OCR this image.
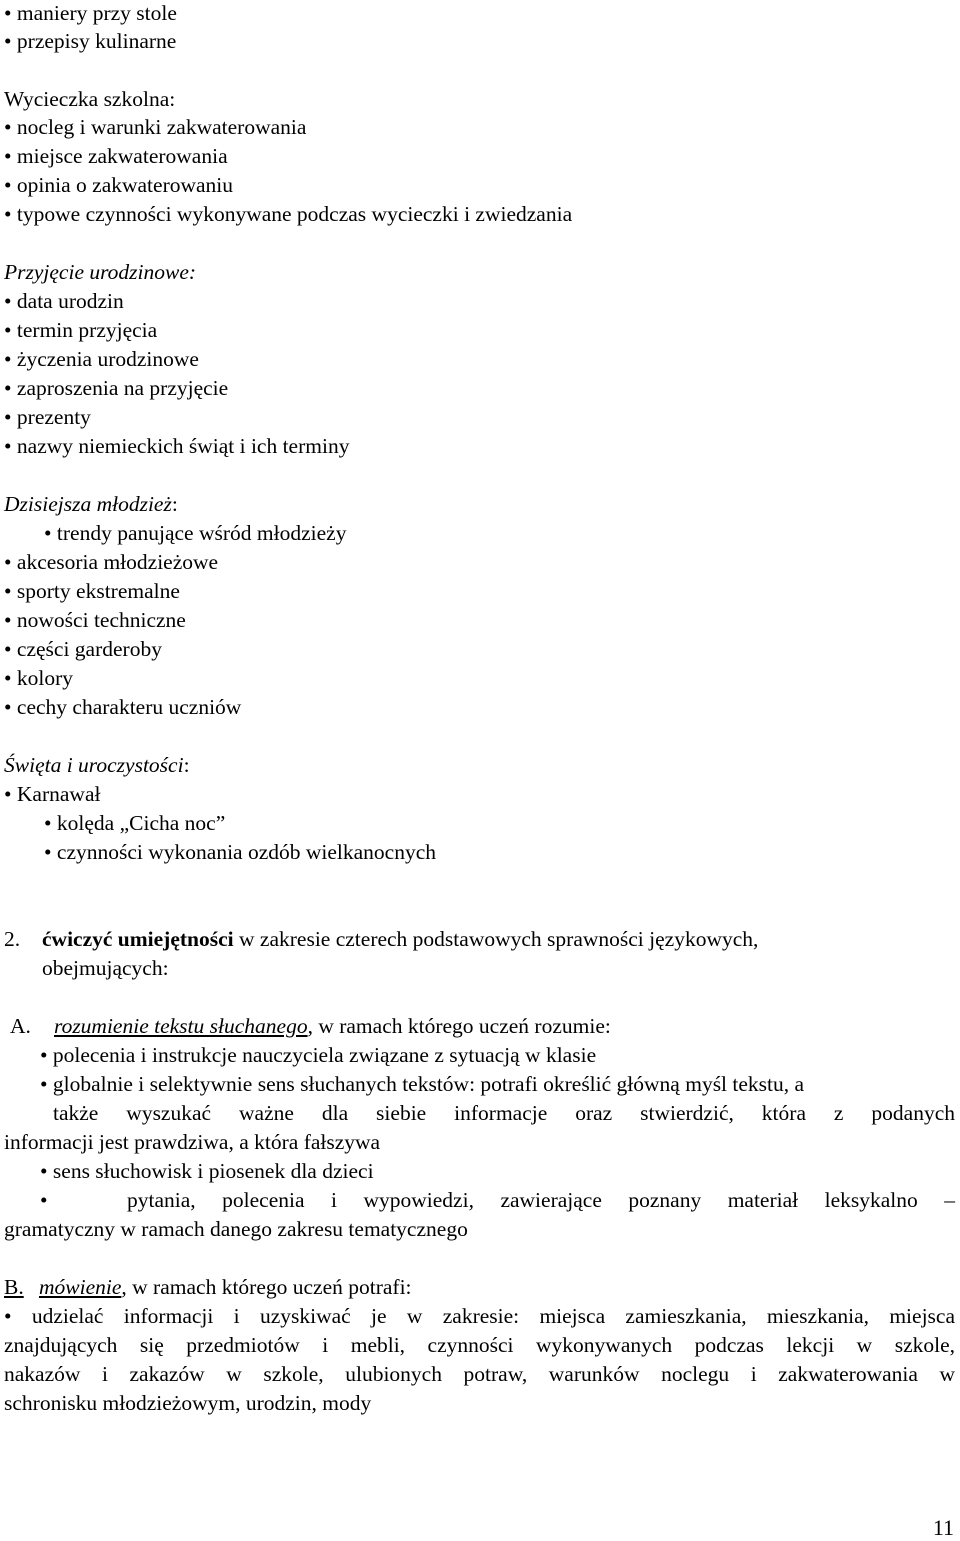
• maniery przy stole
• przepisy kulinarne
Wycieczka szkolna:
• nocleg i warunki zakwaterowania
• miejsce zakwaterowania
• opinia o zakwaterowaniu
• typowe czynności wykonywane podczas wycieczki i zwiedzania
Przyjęcie urodzinowe:
• data urodzin
• termin przyjęcia
• życzenia urodzinowe
• zaproszenia na przyjęcie
• prezenty
• nazwy niemieckich świąt i ich terminy
Dzisiejsza młodzież:
• trendy panujące wśród młodzieży
• akcesoria młodzieżowe
• sporty ekstremalne
• nowości techniczne
• części garderoby
• kolory
• cechy charakteru uczniów
Święta i uroczystości:
• Karnawał
• kolęda „Cicha noc”
• czynności wykonania ozdób wielkanocnych
2. ćwiczyć umiejętności w zakresie czterech podstawowych sprawności językowych,
obejmujących:
A. rozumienie tekstu słuchanego, w ramach którego uczeń rozumie:
• polecenia i instrukcje nauczyciela związane z sytuacją w klasie
• globalnie i selektywnie sens słuchanych tekstów: potrafi określić główną myśl tekstu, a
także wyszukać ważne dla siebie informacje oraz stwierdzić, która z podanych
informacji jest prawdziwa, a która fałszywa
• sens słuchowisk i piosenek dla dzieci
•	pytania, polecenia i wypowiedzi, zawierające poznany materiał leksykalno –
gramatyczny w ramach danego zakresu tematycznego
B. mówienie, w ramach którego uczeń potrafi:
• udzielać informacji i uzyskiwać je w zakresie: miejsca zamieszkania, mieszkania, miejsca
znajdujących się przedmiotów i mebli, czynności wykonywanych podczas lekcji w szkole,
nakazów i zakazów w szkole, ulubionych potraw, warunków noclegu i zakwaterowania w
schronisku młodzieżowym, urodzin, mody
11
